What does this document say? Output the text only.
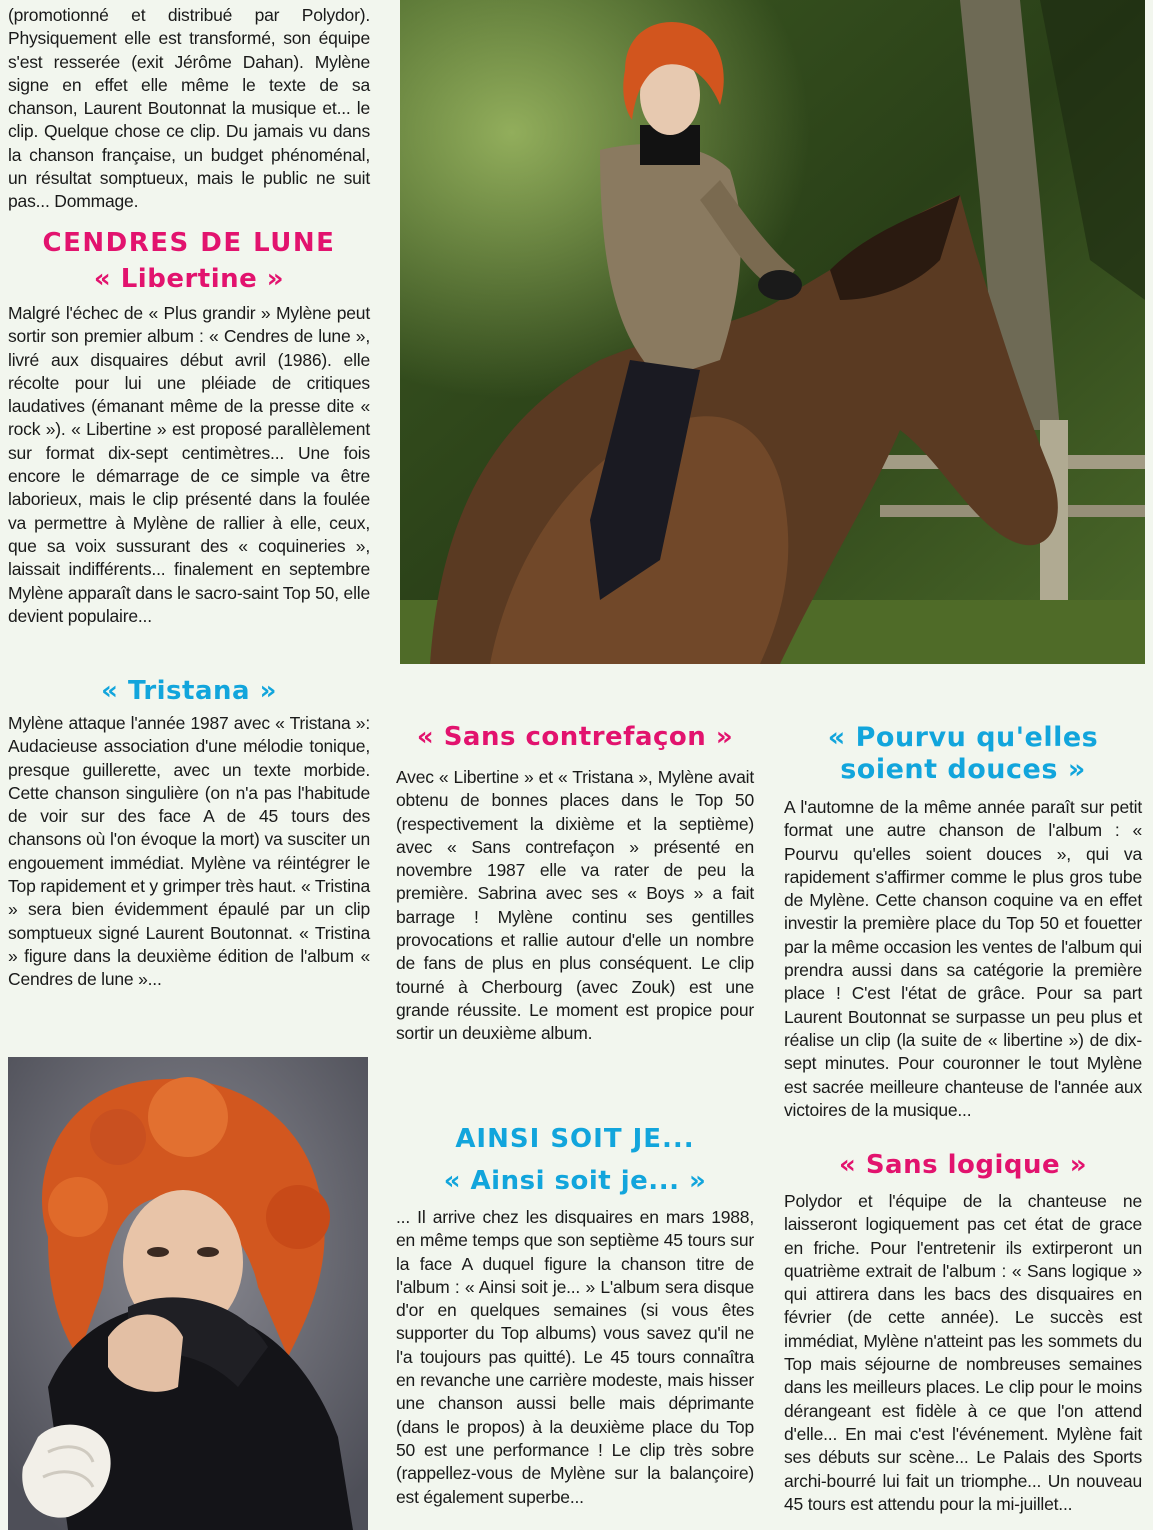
(promotionné et distribué par Polydor). Physiquement elle est transformé, son équipe s'est resserée (exit Jérôme Dahan). Mylène signe en effet elle même le texte de sa chanson, Laurent Boutonnat la musique et... le clip. Quelque chose ce clip. Du jamais vu dans la chanson française, un budget phénoménal, un résultat somptueux, mais le public ne suit pas... Dommage.

CENDRES DE LUNE
« Libertine »

Malgré l'échec de « Plus grandir » Mylène peut sortir son premier album : « Cendres de lune », livré aux disquaires début avril (1986). elle récolte pour lui une pléiade de critiques laudatives (émanant même de la presse dite « rock »). « Libertine » est proposé parallèlement sur format dix-sept centimètres... Une fois encore le démarrage de ce simple va être laborieux, mais le clip présenté dans la foulée va permettre à Mylène de rallier à elle, ceux, que sa voix sussurant des « coquineries », laissait indifférents... finalement en septembre Mylène apparaît dans le sacro-saint Top 50, elle devient populaire...

« Tristana »

Mylène attaque l'année 1987 avec « Tristana »: Audacieuse association d'une mélodie tonique, presque guillerette, avec un texte morbide. Cette chanson singulière (on n'a pas l'habitude de voir sur des face A de 45 tours des chansons où l'on évoque la mort) va susciter un engouement immédiat. Mylène va réintégrer le Top rapidement et y grimper très haut. « Tristina » sera bien évidemment épaulé par un clip somptueux signé Laurent Boutonnat. « Tristina » figure dans la deuxième édition de l'album « Cendres de lune »...

« Sans contrefaçon »

Avec « Libertine » et « Tristana », Mylène avait obtenu de bonnes places dans le Top 50 (respectivement la dixième et la septième) avec « Sans contrefaçon » présenté en novembre 1987 elle va rater de peu la première. Sabrina avec ses « Boys » a fait barrage ! Mylène continu ses gentilles provocations et rallie autour d'elle un nombre de fans de plus en plus conséquent. Le clip tourné à Cherbourg (avec Zouk) est une grande réussite. Le moment est propice pour sortir un deuxième album.

« Pourvu qu'elles soient douces »

A l'automne de la même année paraît sur petit format une autre chanson de l'album : « Pourvu qu'elles soient douces », qui va rapidement s'affirmer comme le plus gros tube de Mylène. Cette chanson coquine va en effet investir la première place du Top 50 et fouetter par la même occasion les ventes de l'album qui prendra aussi dans sa catégorie la première place ! C'est l'état de grâce. Pour sa part Laurent Boutonnat se surpasse un peu plus et réalise un clip (la suite de « libertine ») de dix-sept minutes. Pour couronner le tout Mylène est sacrée meilleure chanteuse de l'année aux victoires de la musique...

AINSI SOIT JE...
« Ainsi soit je... »

... Il arrive chez les disquaires en mars 1988, en même temps que son septième 45 tours sur la face A duquel figure la chanson titre de l'album : « Ainsi soit je... » L'album sera disque d'or en quelques semaines (si vous êtes supporter du Top albums) vous savez qu'il ne l'a toujours pas quitté). Le 45 tours connaîtra en revanche une carrière modeste, mais hisser une chanson aussi belle mais déprimante (dans le propos) à la deuxième place du Top 50 est une performance ! Le clip très sobre (rappellez-vous de Mylène sur la balançoire) est également superbe...

« Sans logique »

Polydor et l'équipe de la chanteuse ne laisseront logiquement pas cet état de grace en friche. Pour l'entretenir ils extirperont un quatrième extrait de l'album : « Sans logique » qui attirera dans les bacs des disquaires en février (de cette année). Le succès est immédiat, Mylène n'atteint pas les sommets du Top mais séjourne de nombreuses semaines dans les meilleurs places. Le clip pour le moins dérangeant est fidèle à ce que l'on attend d'elle... En mai c'est l'événement. Mylène fait ses débuts sur scène... Le Palais des Sports archi-bourré lui fait un triomphe... Un nouveau 45 tours est attendu pour la mi-juillet...
